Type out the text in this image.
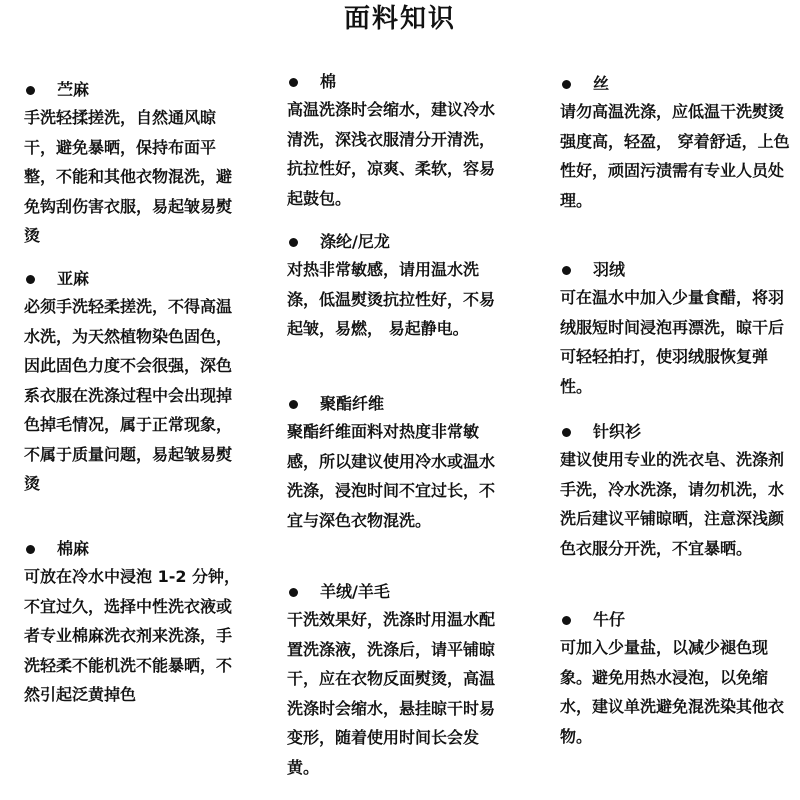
面料知识
苎麻
手洗轻揉搓洗，自然通风晾干，避免暴晒，保持布面平整，不能和其他衣物混洗，避免钩刮伤害衣服，易起皱易熨烫
亚麻
必须手洗轻柔搓洗，不得高温水洗，为天然植物染色固色，因此固色力度不会很强，深色系衣服在洗涤过程中会出现掉色掉毛情况，属于正常现象，不属于质量问题，易起皱易熨烫
棉麻
可放在冷水中浸泡 1-2 分钟，不宜过久，选择中性洗衣液或者专业棉麻洗衣剂来洗涤，手洗轻柔不能机洗不能暴晒，不然引起泛黄掉色
棉
高温洗涤时会缩水，建议冷水清洗，深浅衣服清分开清洗，抗拉性好，凉爽、柔软，容易起鼓包。
涤纶/尼龙
对热非常敏感，请用温水洗涤，低温熨烫抗拉性好，不易起皱，易燃， 易起静电。
聚酯纤维
聚酯纤维面料对热度非常敏感，所以建议使用冷水或温水洗涤，浸泡时间不宜过长，不宜与深色衣物混洗。
羊绒/羊毛
干洗效果好，洗涤时用温水配置洗涤液，洗涤后，请平铺晾干，应在衣物反面熨烫，高温洗涤时会缩水，悬挂晾干时易变形，随着使用时间长会发黄。
丝
请勿高温洗涤，应低温干洗熨烫
强度高，轻盈， 穿着舒适，上色性好，顽固污渍需有专业人员处理。
羽绒
可在温水中加入少量食醋，将羽绒服短时间浸泡再漂洗，晾干后可轻轻拍打，使羽绒服恢复弹性。
针织衫
建议使用专业的洗衣皂、洗涤剂手洗，冷水洗涤，请勿机洗，水洗后建议平铺晾晒，注意深浅颜色衣服分开洗，不宜暴晒。
牛仔
可加入少量盐，以减少褪色现象。避免用热水浸泡，以免缩水，建议单洗避免混洗染其他衣物。
